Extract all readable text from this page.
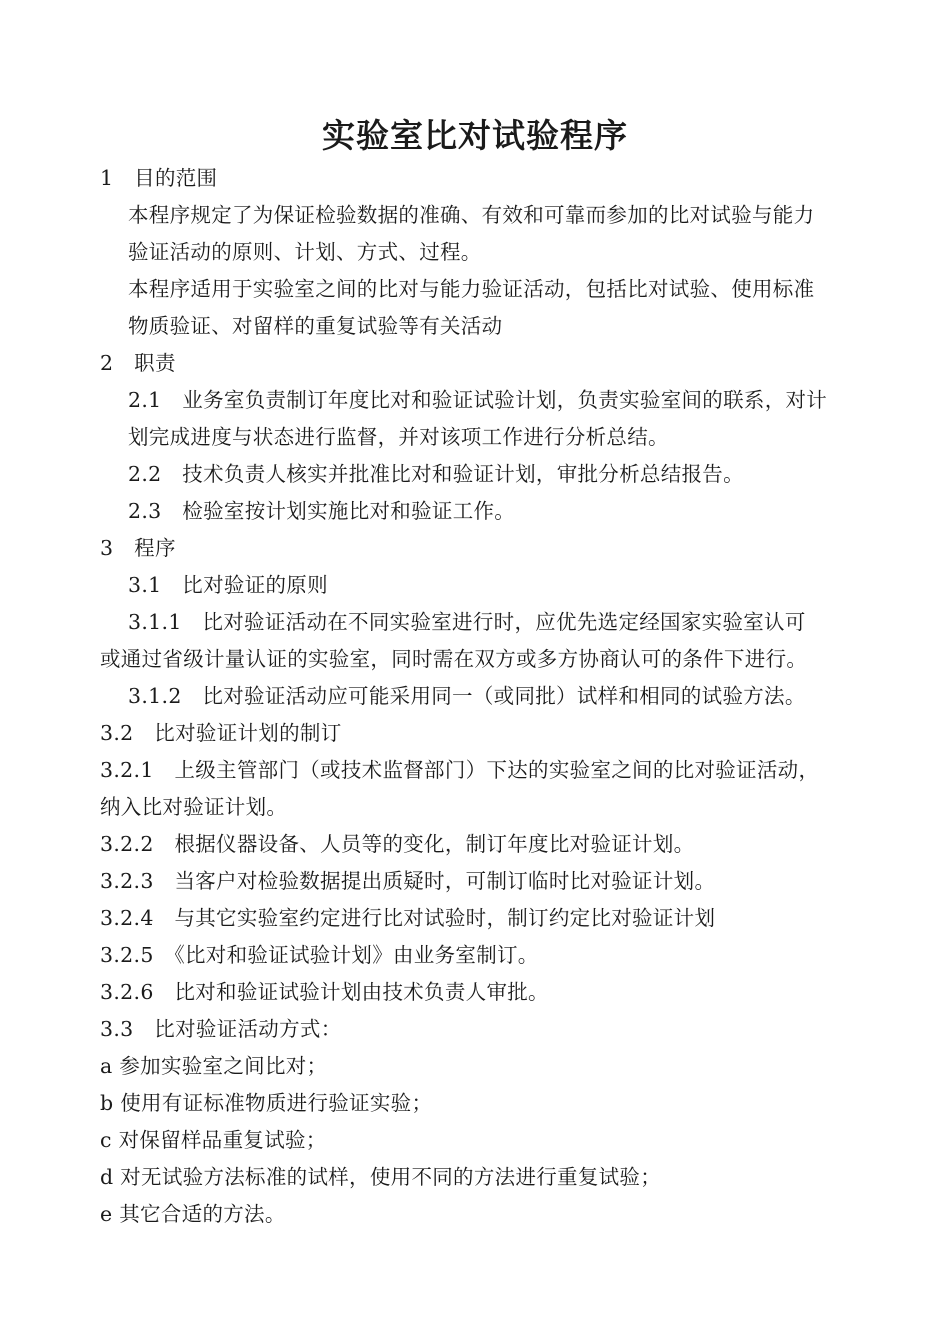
实验室比对试验程序
1　目的范围
本程序规定了为保证检验数据的准确、有效和可靠而参加的比对试验与能力
验证活动的原则、计划、方式、过程。
本程序适用于实验室之间的比对与能力验证活动，包括比对试验、使用标准
物质验证、对留样的重复试验等有关活动
2　职责
2.1　业务室负责制订年度比对和验证试验计划，负责实验室间的联系，对计
划完成进度与状态进行监督，并对该项工作进行分析总结。
2.2　技术负责人核实并批准比对和验证计划，审批分析总结报告。
2.3　检验室按计划实施比对和验证工作。
3　程序
3.1　比对验证的原则
3.1.1　比对验证活动在不同实验室进行时，应优先选定经国家实验室认可
或通过省级计量认证的实验室，同时需在双方或多方协商认可的条件下进行。
3.1.2　比对验证活动应可能采用同一（或同批）试样和相同的试验方法。
3.2　比对验证计划的制订
3.2.1　上级主管部门（或技术监督部门）下达的实验室之间的比对验证活动，
纳入比对验证计划。
3.2.2　根据仪器设备、人员等的变化，制订年度比对验证计划。
3.2.3　当客户对检验数据提出质疑时，可制订临时比对验证计划。
3.2.4　与其它实验室约定进行比对试验时，制订约定比对验证计划
3.2.5　《比对和验证试验计划》由业务室制订。
3.2.6　比对和验证试验计划由技术负责人审批。
3.3　比对验证活动方式：
a 参加实验室之间比对；
b 使用有证标准物质进行验证实验；
c 对保留样品重复试验；
d 对无试验方法标准的试样，使用不同的方法进行重复试验；
e 其它合适的方法。
